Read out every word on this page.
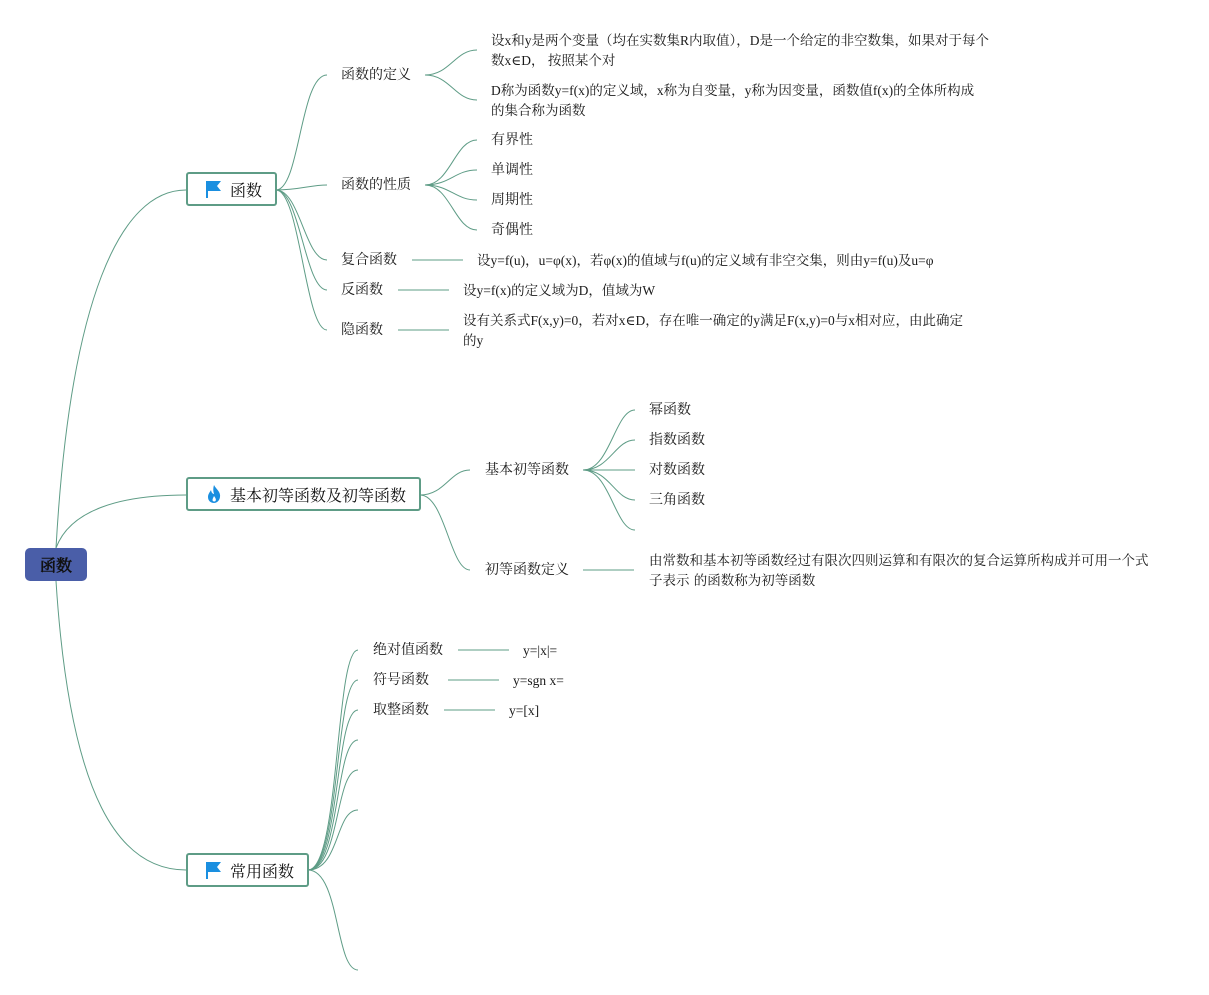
函数
函数
函数的定义
设x和y是两个变量（均在实数集R内取值），D是一个给定的非空数集，如果对于每个数x∈D， 按照某个对
D称为函数y=f(x)的定义域，x称为自变量，y称为因变量，函数值f(x)的全体所构成的集合称为函数
函数的性质
有界性
单调性
周期性
奇偶性
复合函数	设y=f(u)，u=φ(x)，若φ(x)的值域与f(u)的定义域有非空交集，则由y=f(u)及u=φ
反函数	设y=f(x)的定义域为D，值域为W
隐函数
设有关系式F(x,y)=0，若对x∈D，存在唯一确定的y满足F(x,y)=0与x相对应，由此确定的y
基本初等函数及初等函数
基本初等函数
幂函数
指数函数
对数函数
三角函数
初等函数定义
由常数和基本初等函数经过有限次四则运算和有限次的复合运算所构成并可用一个式子表示 的函数称为初等函数
常用函数
绝对值函数	y=|x|=
符号函数	y=sgn x=
取整函数	y=[x]
